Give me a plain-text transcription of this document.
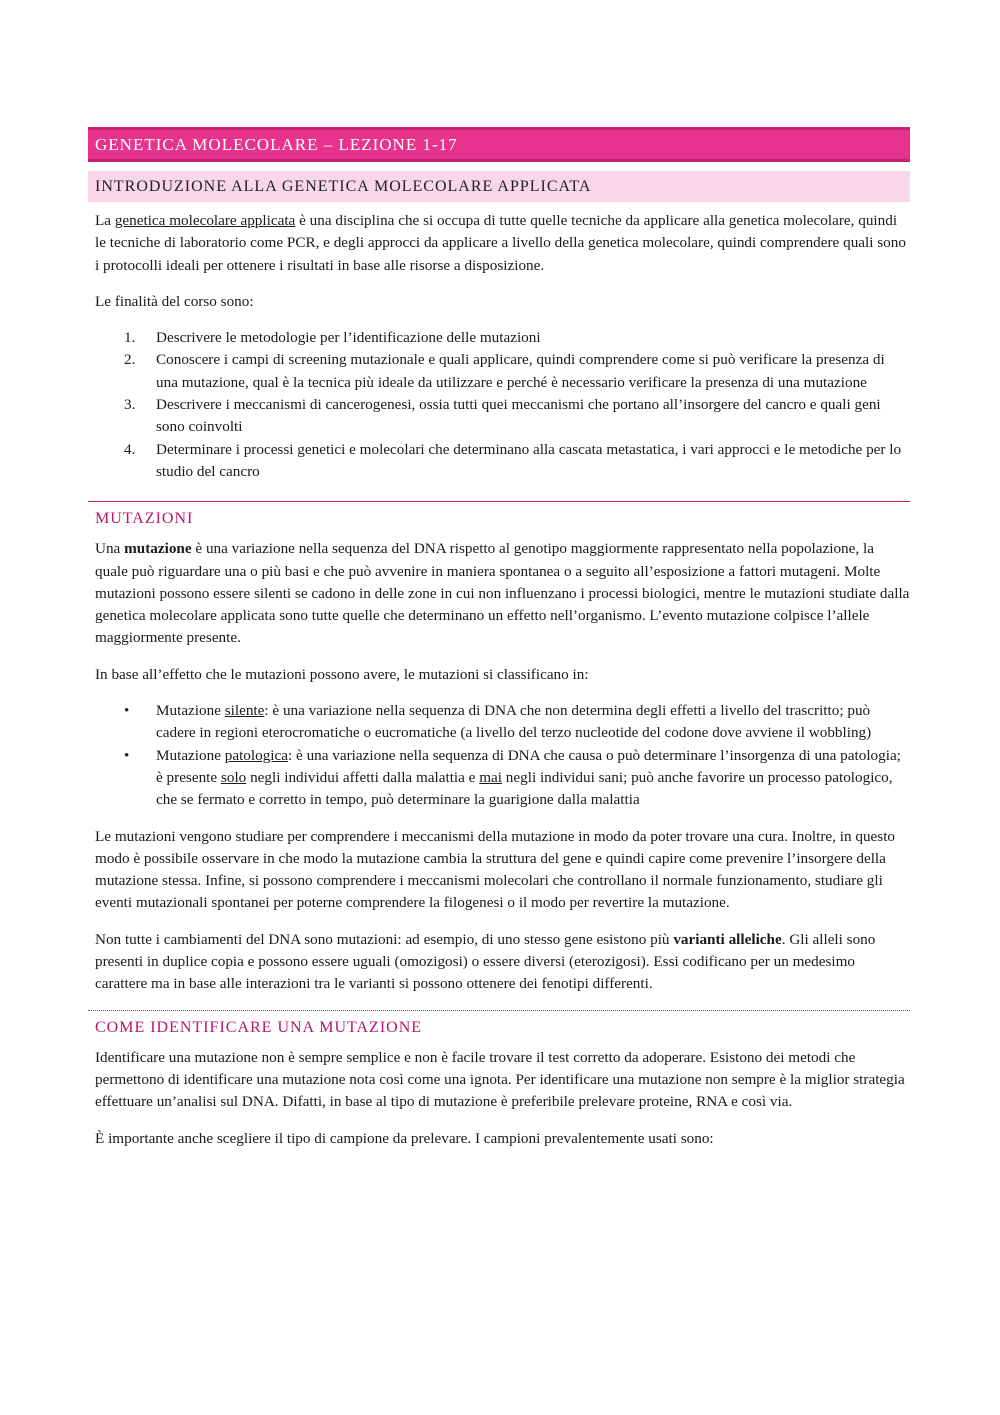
GENETICA MOLECOLARE – LEZIONE 1-17
INTRODUZIONE ALLA GENETICA MOLECOLARE APPLICATA

La genetica molecolare applicata è una disciplina che si occupa di tutte quelle tecniche da applicare alla genetica molecolare, quindi le tecniche di laboratorio come PCR, e degli approcci da applicare a livello della genetica molecolare, quindi comprendere quali sono i protocolli ideali per ottenere i risultati in base alle risorse a disposizione.

Le finalità del corso sono:

1. Descrivere le metodologie per l’identificazione delle mutazioni
2. Conoscere i campi di screening mutazionale e quali applicare, quindi comprendere come si può verificare la presenza di una mutazione, qual è la tecnica più ideale da utilizzare e perché è necessario verificare la presenza di una mutazione
3. Descrivere i meccanismi di cancerogenesi, ossia tutti quei meccanismi che portano all’insorgere del cancro e quali geni sono coinvolti
4. Determinare i processi genetici e molecolari che determinano alla cascata metastatica, i vari approcci e le metodiche per lo studio del cancro
MUTAZIONI

Una mutazione è una variazione nella sequenza del DNA rispetto al genotipo maggiormente rappresentato nella popolazione, la quale può riguardare una o più basi e che può avvenire in maniera spontanea o a seguito all’esposizione a fattori mutageni. Molte mutazioni possono essere silenti se cadono in delle zone in cui non influenzano i processi biologici, mentre le mutazioni studiate dalla genetica molecolare applicata sono tutte quelle che determinano un effetto nell’organismo. L’evento mutazione colpisce l’allele maggiormente presente.

In base all’effetto che le mutazioni possono avere, le mutazioni si classificano in:

• Mutazione silente: è una variazione nella sequenza di DNA che non determina degli effetti a livello del trascritto; può cadere in regioni eterocromatiche o eucromatiche (a livello del terzo nucleotide del codone dove avviene il wobbling)
• Mutazione patologica: è una variazione nella sequenza di DNA che causa o può determinare l’insorgenza di una patologia; è presente solo negli individui affetti dalla malattia e mai negli individui sani; può anche favorire un processo patologico, che se fermato e corretto in tempo, può determinare la guarigione dalla malattia

Le mutazioni vengono studiare per comprendere i meccanismi della mutazione in modo da poter trovare una cura. Inoltre, in questo modo è possibile osservare in che modo la mutazione cambia la struttura del gene e quindi capire come prevenire l’insorgere della mutazione stessa. Infine, si possono comprendere i meccanismi molecolari che controllano il normale funzionamento, studiare gli eventi mutazionali spontanei per poterne comprendere la filogenesi o il modo per revertire la mutazione.

Non tutte i cambiamenti del DNA sono mutazioni: ad esempio, di uno stesso gene esistono più varianti alleliche. Gli alleli sono presenti in duplice copia e possono essere uguali (omozigosi) o essere diversi (eterozigosi). Essi codificano per un medesimo carattere ma in base alle interazioni tra le varianti si possono ottenere dei fenotipi differenti.

COME IDENTIFICARE UNA MUTAZIONE

Identificare una mutazione non è sempre semplice e non è facile trovare il test corretto da adoperare. Esistono dei metodi che permettono di identificare una mutazione nota così come una ignota. Per identificare una mutazione non sempre è la miglior strategia effettuare un’analisi sul DNA. Difatti, in base al tipo di mutazione è preferibile prelevare proteine, RNA e così via.

È importante anche scegliere il tipo di campione da prelevare. I campioni prevalentemente usati sono:
